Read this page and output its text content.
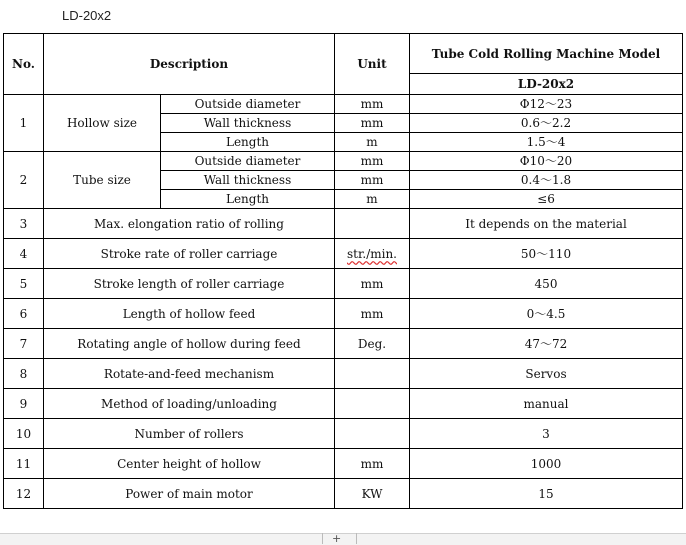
LD-20x2
No.	Description		Unit	Tube Cold Rolling Machine Model
				LD-20x2
1	Hollow size	Outside diameter	mm	Φ12～23
		Wall thickness	mm	0.6～2.2
		Length	m	1.5～4
2	Tube size	Outside diameter	mm	Φ10～20
		Wall thickness	mm	0.4～1.8
		Length	m	≤6
3	Max. elongation ratio of rolling			It depends on the material
4	Stroke rate of roller carriage		str./min.	50～110
5	Stroke length of roller carriage		mm	450
6	Length of hollow feed		mm	0～4.5
7	Rotating angle of hollow during feed		Deg.	47～72
8	Rotate-and-feed mechanism			Servos
9	Method of loading/unloading			manual
10	Number of rollers			3
11	Center height of hollow		mm	1000
12	Power of main motor		KW	15
+
